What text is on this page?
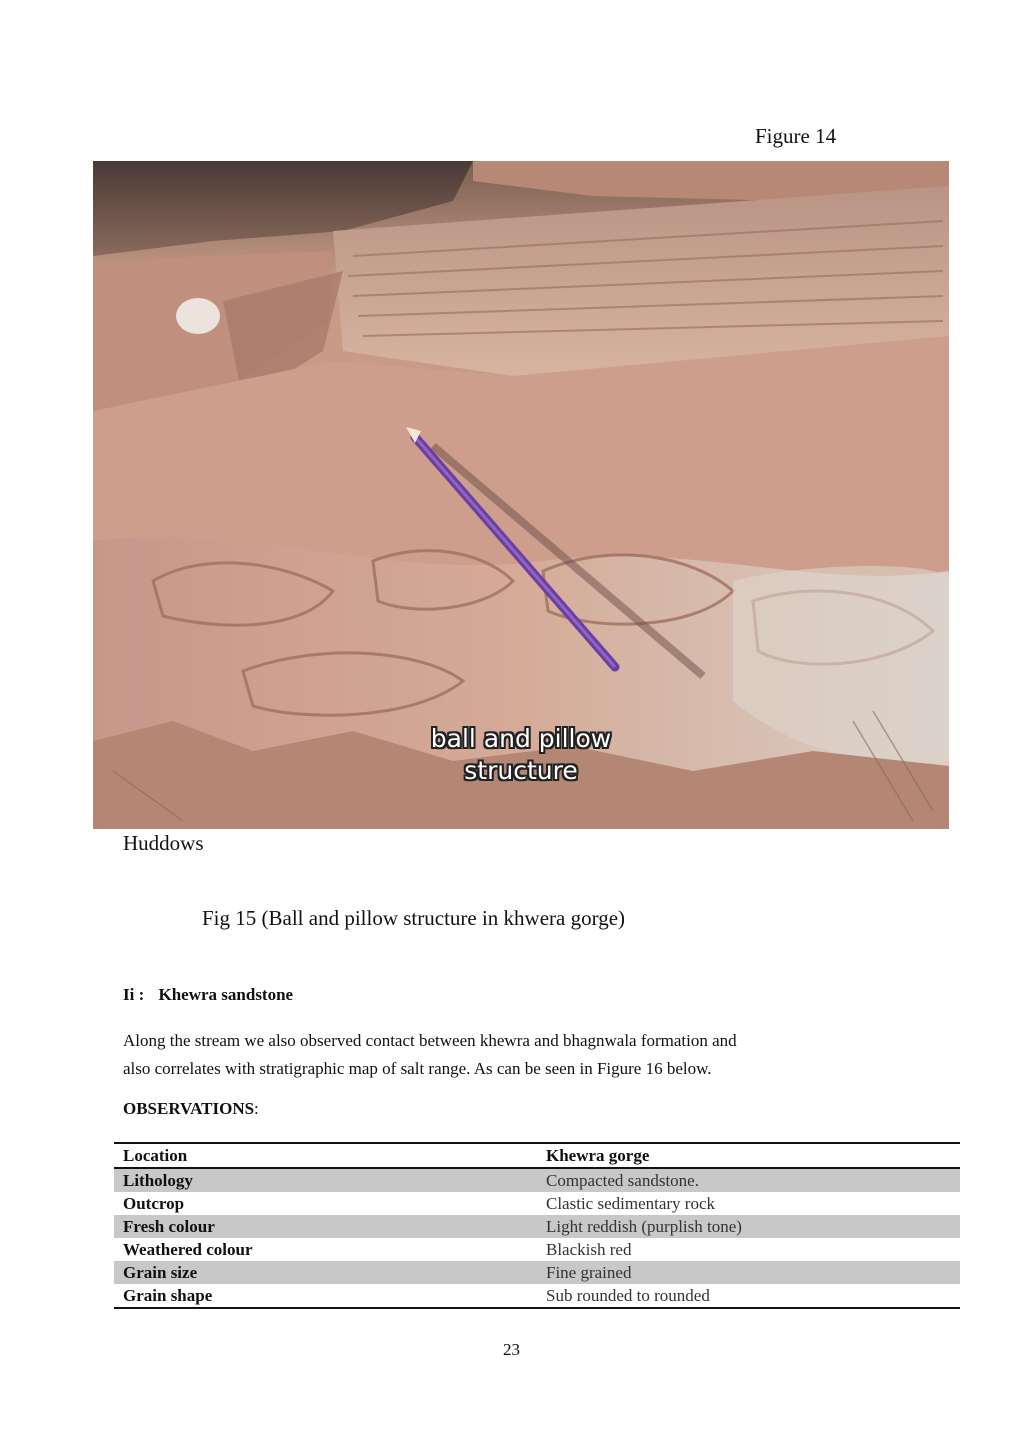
Figure 14
ball and pillow
structure
Huddows
Fig 15 (Ball and pillow structure in khwera gorge)
Ii : Khewra sandstone

Along the stream we also observed contact between khewra and bhagnwala formation and

also correlates with stratigraphic map of salt range. As can be seen in Figure 16 below.

OBSERVATIONS:
Location	Khewra gorge
Lithology	Compacted sandstone.
Outcrop	Clastic sedimentary rock
Fresh colour	Light reddish (purplish tone)
Weathered colour	Blackish red
Grain size	Fine grained
Grain shape	Sub rounded to rounded
23
